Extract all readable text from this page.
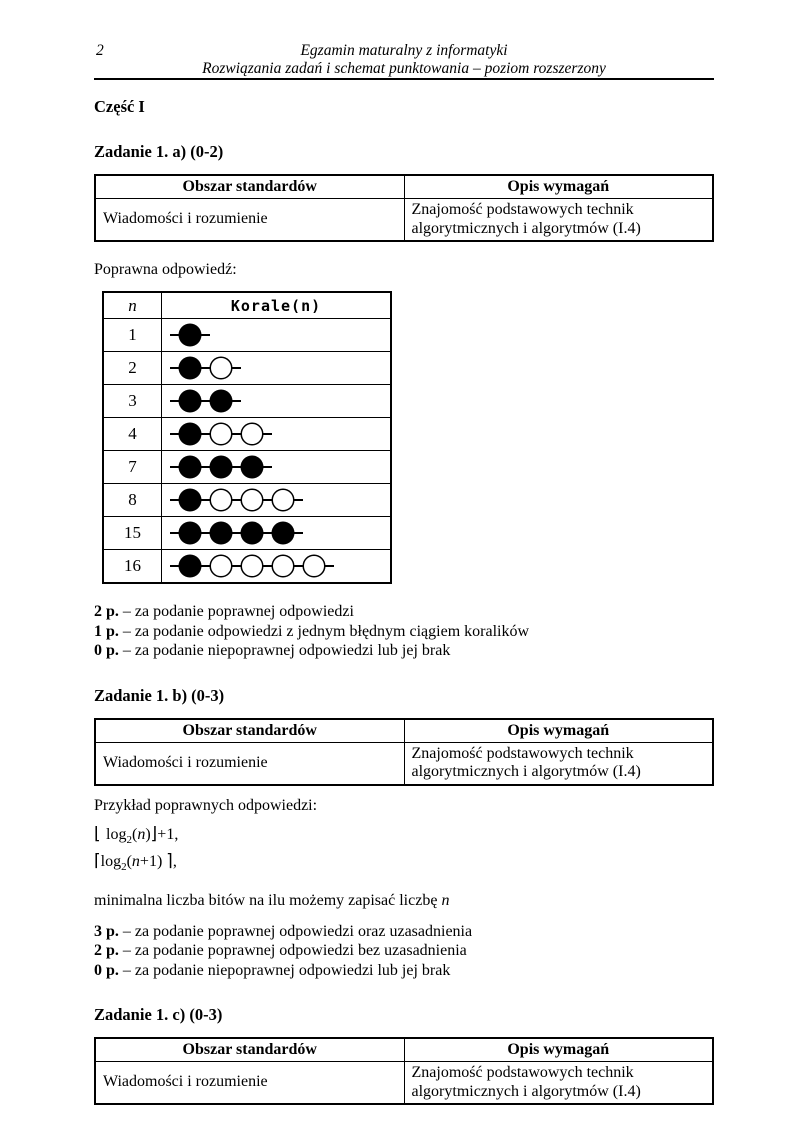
2	Egzamin maturalny z informatyki
Rozwiązania zadań i schemat punktowania – poziom rozszerzony
Część I
Zadanie 1. a) (0-2)
Obszar standardów	Opis wymagań
Wiadomości i rozumienie	Znajomość podstawowych technik algorytmicznych i algorytmów (I.4)

Poprawna odpowiedź:

n	Korale(n)
1	

2	

3	

4	

7	

8	

15	

16	

2 p. – za podanie poprawnej odpowiedzi

1 p. – za podanie odpowiedzi z jednym błędnym ciągiem koralików

0 p. – za podanie niepoprawnej odpowiedzi lub jej brak

Zadanie 1. b) (0-3)
Obszar standardów	Opis wymagań
Wiadomości i rozumienie	Znajomość podstawowych technik algorytmicznych i algorytmów (I.4)

Przykład poprawnych odpowiedzi:

⌊ $\log_2(n)⌋+1$,

$⌈\log_2(n+1)$ ⌉,

minimalna liczba bitów na ilu możemy zapisać liczbę n

3 p. – za podanie poprawnej odpowiedzi oraz uzasadnienia

2 p. – za podanie poprawnej odpowiedzi bez uzasadnienia

0 p. – za podanie niepoprawnej odpowiedzi lub jej brak

Zadanie 1. c) (0-3)
Obszar standardów	Opis wymagań
Wiadomości i rozumienie	Znajomość podstawowych technik algorytmicznych i algorytmów (I.4)
